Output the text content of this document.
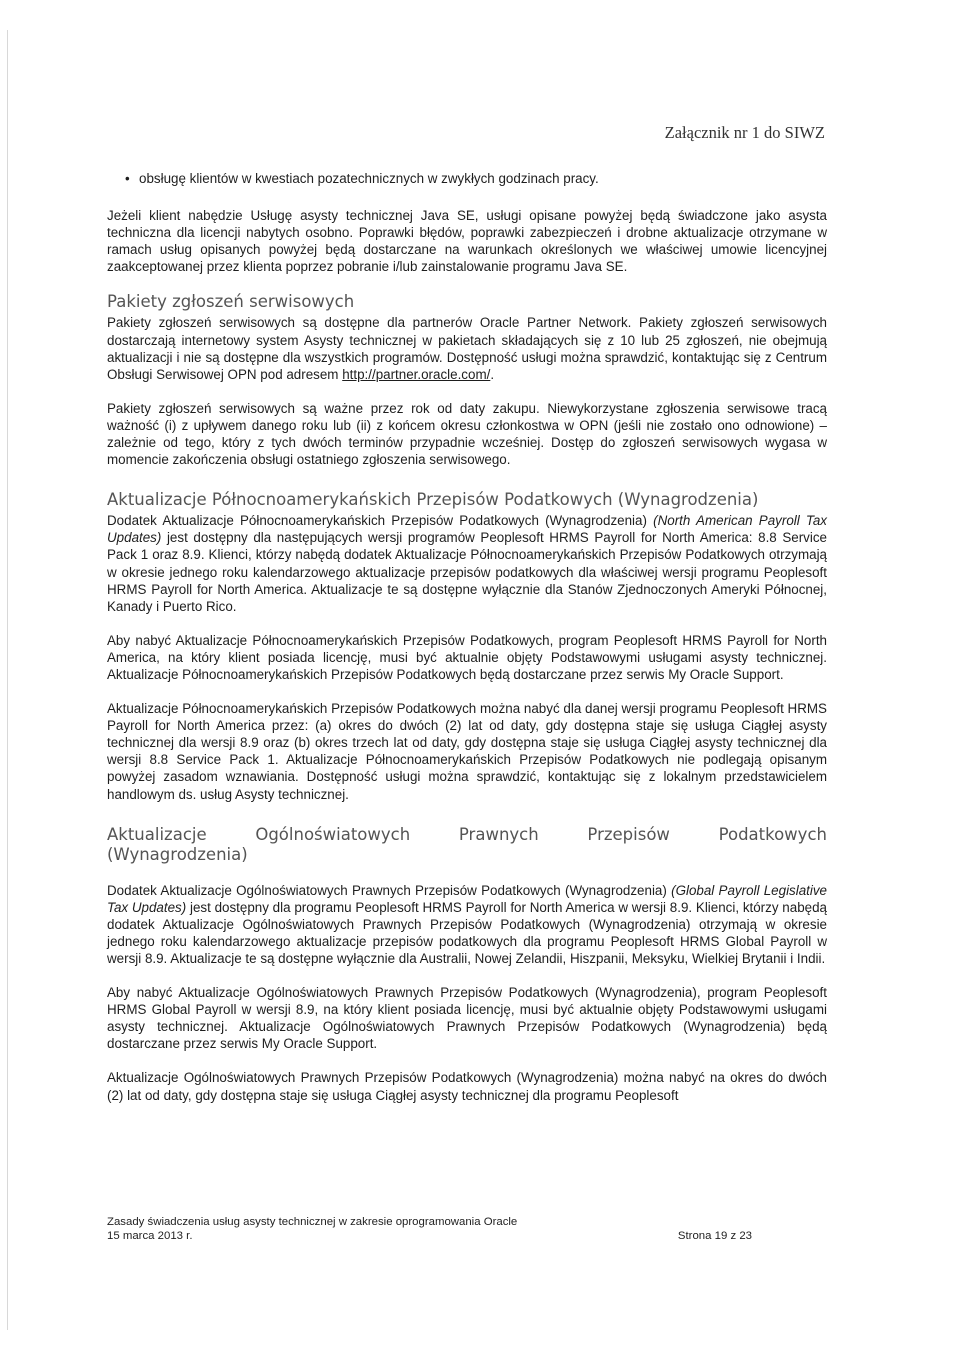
Załącznik nr 1 do SIWZ
• obsługę klientów w kwestiach pozatechnicznych w zwykłych godzinach pracy.

Jeżeli klient nabędzie Usługę asysty technicznej Java SE, usługi opisane powyżej będą świadczone jako asysta techniczna dla licencji nabytych osobno. Poprawki błędów, poprawki zabezpieczeń i drobne aktualizacje otrzymane w ramach usług opisanych powyżej będą dostarczane na warunkach określonych we właściwej umowie licencyjnej zaakceptowanej przez klienta poprzez pobranie i/lub zainstalowanie programu Java SE.

Pakiety zgłoszeń serwisowych

Pakiety zgłoszeń serwisowych są dostępne dla partnerów Oracle Partner Network. Pakiety zgłoszeń serwisowych dostarczają internetowy system Asysty technicznej w pakietach składających się z 10 lub 25 zgłoszeń, nie obejmują aktualizacji i nie są dostępne dla wszystkich programów. Dostępność usługi można sprawdzić, kontaktując się z Centrum Obsługi Serwisowej OPN pod adresem http://partner.oracle.com/.

Pakiety zgłoszeń serwisowych są ważne przez rok od daty zakupu. Niewykorzystane zgłoszenia serwisowe tracą ważność (i) z upływem danego roku lub (ii) z końcem okresu członkostwa w OPN (jeśli nie zostało ono odnowione) – zależnie od tego, który z tych dwóch terminów przypadnie wcześniej. Dostęp do zgłoszeń serwisowych wygasa w momencie zakończenia obsługi ostatniego zgłoszenia serwisowego.

Aktualizacje Północnoamerykańskich Przepisów Podatkowych (Wynagrodzenia)

Dodatek Aktualizacje Północnoamerykańskich Przepisów Podatkowych (Wynagrodzenia) (North American Payroll Tax Updates) jest dostępny dla następujących wersji programów Peoplesoft HRMS Payroll for North America: 8.8 Service Pack 1 oraz 8.9. Klienci, którzy nabędą dodatek Aktualizacje Północnoamerykańskich Przepisów Podatkowych otrzymają w okresie jednego roku kalendarzowego aktualizacje przepisów podatkowych dla właściwej wersji programu Peoplesoft HRMS Payroll for North America. Aktualizacje te są dostępne wyłącznie dla Stanów Zjednoczonych Ameryki Północnej, Kanady i Puerto Rico.

Aby nabyć Aktualizacje Północnoamerykańskich Przepisów Podatkowych, program Peoplesoft HRMS Payroll for North America, na który klient posiada licencję, musi być aktualnie objęty Podstawowymi usługami asysty technicznej. Aktualizacje Północnoamerykańskich Przepisów Podatkowych będą dostarczane przez serwis My Oracle Support.

Aktualizacje Północnoamerykańskich Przepisów Podatkowych można nabyć dla danej wersji programu Peoplesoft HRMS Payroll for North America przez: (a) okres do dwóch (2) lat od daty, gdy dostępna staje się usługa Ciągłej asysty technicznej dla wersji 8.9 oraz (b) okres trzech lat od daty, gdy dostępna staje się usługa Ciągłej asysty technicznej dla wersji 8.8 Service Pack 1. Aktualizacje Północnoamerykańskich Przepisów Podatkowych nie podlegają opisanym powyżej zasadom wznawiania. Dostępność usługi można sprawdzić, kontaktując się z lokalnym przedstawicielem handlowym ds. usług Asysty technicznej.

Aktualizacje	Ogólnoświatowych	Prawnych	Przepisów	Podatkowych
(Wynagrodzenia)

Dodatek Aktualizacje Ogólnoświatowych Prawnych Przepisów Podatkowych (Wynagrodzenia) (Global Payroll Legislative Tax Updates) jest dostępny dla programu Peoplesoft HRMS Payroll for North America w wersji 8.9. Klienci, którzy nabędą dodatek Aktualizacje Ogólnoświatowych Prawnych Przepisów Podatkowych (Wynagrodzenia) otrzymają w okresie jednego roku kalendarzowego aktualizacje przepisów podatkowych dla programu Peoplesoft HRMS Global Payroll w wersji 8.9. Aktualizacje te są dostępne wyłącznie dla Australii, Nowej Zelandii, Hiszpanii, Meksyku, Wielkiej Brytanii i Indii.

Aby nabyć Aktualizacje Ogólnoświatowych Prawnych Przepisów Podatkowych (Wynagrodzenia), program Peoplesoft HRMS Global Payroll w wersji 8.9, na który klient posiada licencję, musi być aktualnie objęty Podstawowymi usługami asysty technicznej. Aktualizacje Ogólnoświatowych Prawnych Przepisów Podatkowych (Wynagrodzenia) będą dostarczane przez serwis My Oracle Support.

Aktualizacje Ogólnoświatowych Prawnych Przepisów Podatkowych (Wynagrodzenia) można nabyć na okres do dwóch (2) lat od daty, gdy dostępna staje się usługa Ciągłej asysty technicznej dla programu Peoplesoft

Zasady świadczenia usług asysty technicznej w zakresie oprogramowania Oracle
15 marca 2013 r.	Strona 19 z 23
